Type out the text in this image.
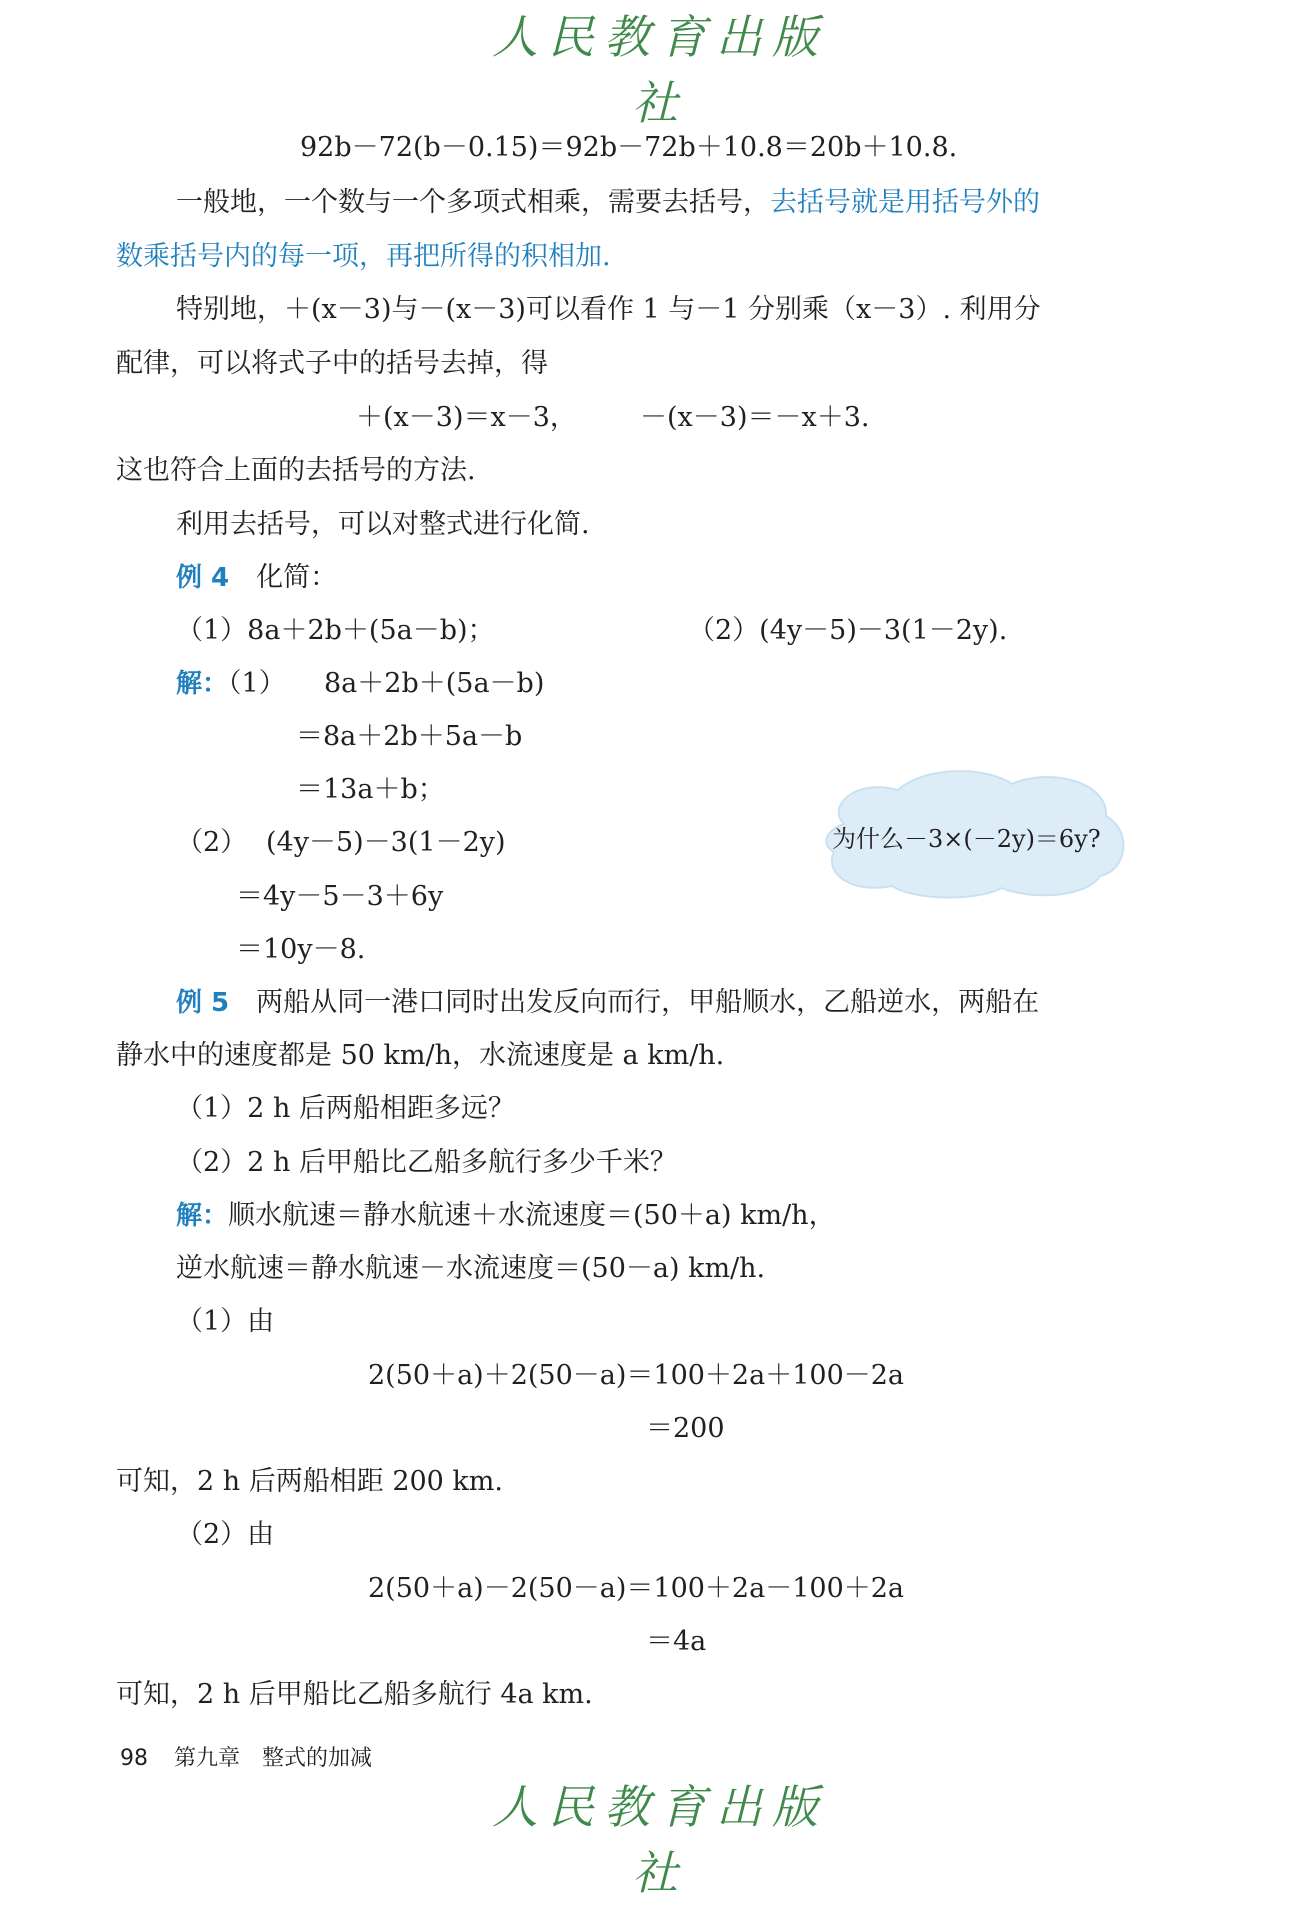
人民教育出版社
92b－72(b－0.15)＝92b－72b＋10.8＝20b＋10.8.
一般地，一个数与一个多项式相乘，需要去括号，去括号就是用括号外的
数乘括号内的每一项，再把所得的积相加.
特别地，＋(x－3)与－(x－3)可以看作 1 与－1 分别乘（x－3）. 利用分
配律，可以将式子中的括号去掉，得
＋(x－3)＝x－3， －(x－3)＝－x＋3.
这也符合上面的去括号的方法.
利用去括号，可以对整式进行化简.
例 4　 化简：
（1）8a＋2b＋(5a－b)；	（2）(4y－5)－3(1－2y).
解：（1） 8a＋2b＋(5a－b)
＝8a＋2b＋5a－b
＝13a＋b；
（2） (4y－5)－3(1－2y)
＝4y－5－3＋6y
＝10y－8.
为什么－3×(－2y)＝6y?
例 5　 两船从同一港口同时出发反向而行，甲船顺水，乙船逆水，两船在
静水中的速度都是 50 km/h，水流速度是 a km/h.
（1）2 h 后两船相距多远？
（2）2 h 后甲船比乙船多航行多少千米？
解：顺水航速＝静水航速＋水流速度＝(50＋a) km/h，
逆水航速＝静水航速－水流速度＝(50－a) km/h.
（1）由
2(50＋a)＋2(50－a)＝100＋2a＋100－2a
＝200
可知，2 h 后两船相距 200 km.
（2）由
2(50＋a)－2(50－a)＝100＋2a－100＋2a
＝4a
可知，2 h 后甲船比乙船多航行 4a km.
98 第九章　整式的加减
人民教育出版社
